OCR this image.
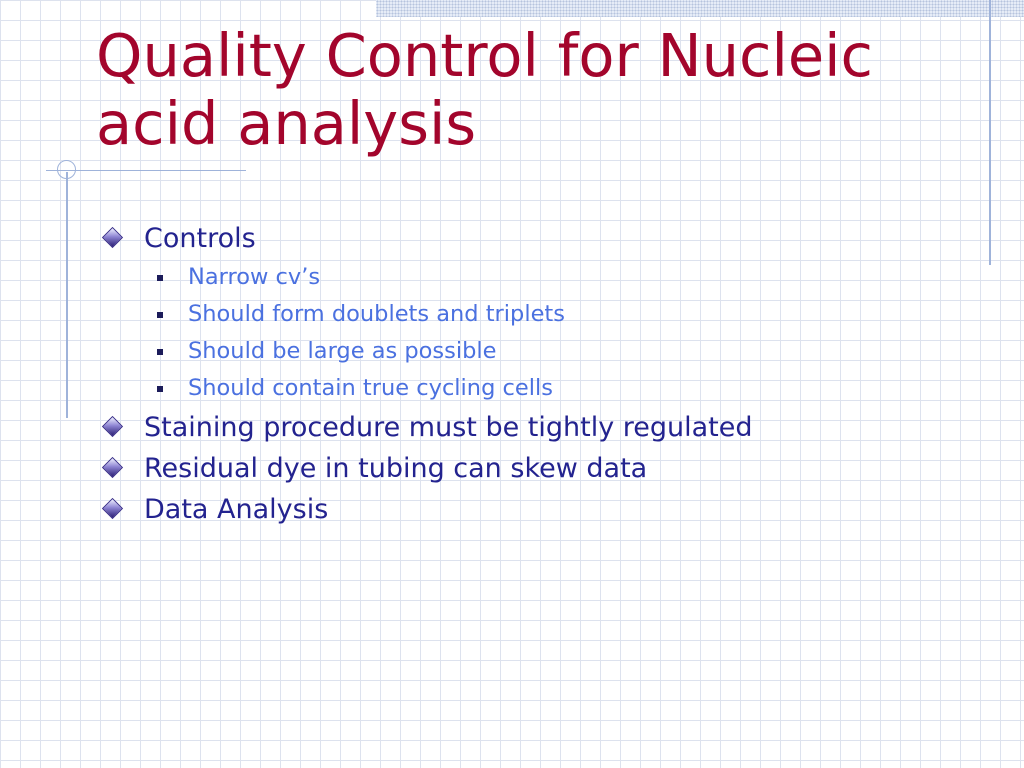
Quality Control for Nucleic acid analysis
Controls
Narrow cv’s
Should form doublets and triplets
Should be large as possible
Should contain true cycling cells
Staining procedure must be tightly regulated
Residual dye in tubing can skew data
Data Analysis
